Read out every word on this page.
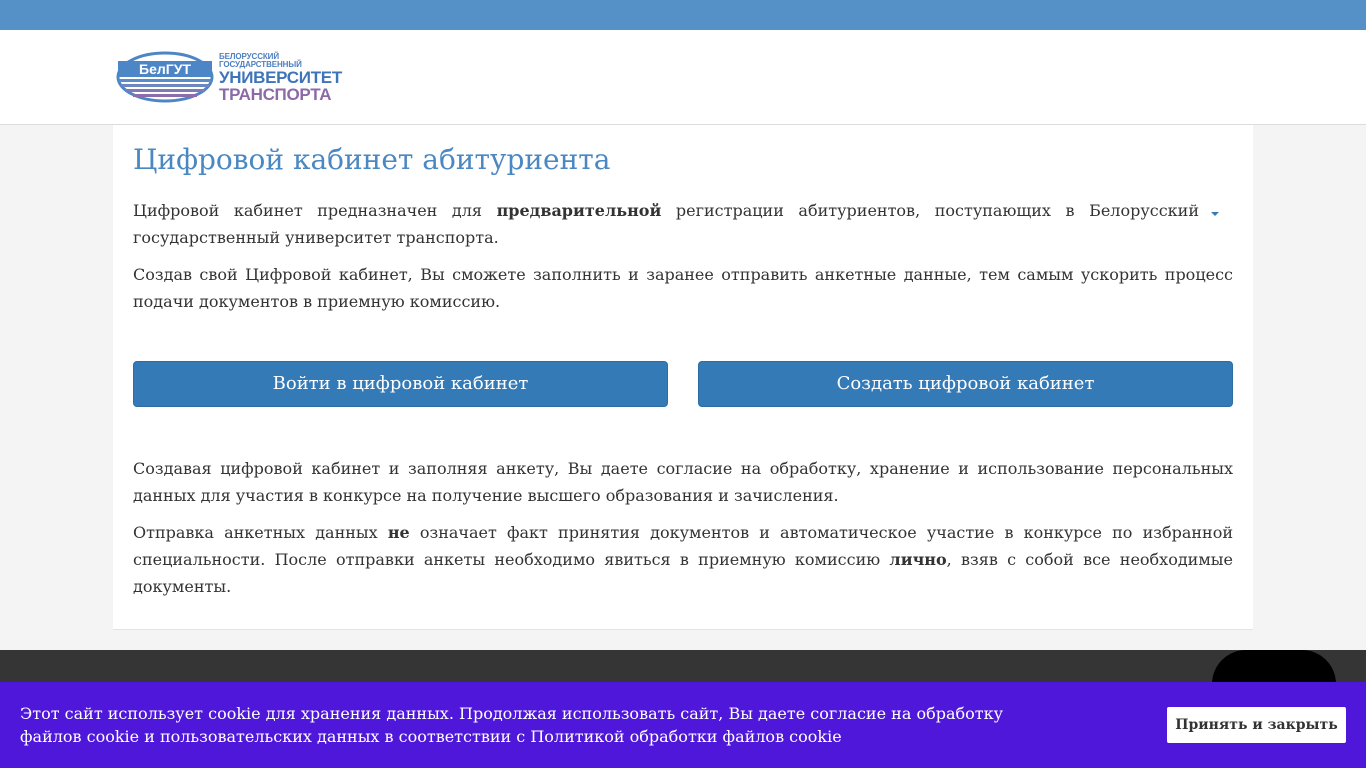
БелГУТ
БЕЛОРУССКИЙ
ГОСУДАРСТВЕННЫЙ
УНИВЕРСИТЕТ
ТРАНСПОРТА
Цифровой кабинет абитуриента

Цифровой кабинет предназначен для предварительной регистрации абитуриентов, поступающих в Белорусский государственный университет транспорта.

Создав свой Цифровой кабинет, Вы сможете заполнить и заранее отправить анкетные данные, тем самым ускорить процесс подачи документов в приемную комиссию.

Войти в цифровой кабинет	Создать цифровой кабинет

Создавая цифровой кабинет и заполняя анкету, Вы даете согласие на обработку, хранение и использование персональных данных для участия в конкурсе на получение высшего образования и зачисления.

Отправка анкетных данных не означает факт принятия документов и автоматическое участие в конкурсе по избранной специальности. После отправки анкеты необходимо явиться в приемную комиссию лично, взяв с собой все необходимые документы.

Этот сайт использует cookie для хранения данных. Продолжая использовать сайт, Вы даете согласие на обработку файлов cookie и пользовательских данных в соответствии с Политикой обработки файлов cookie

Принять и закрыть
